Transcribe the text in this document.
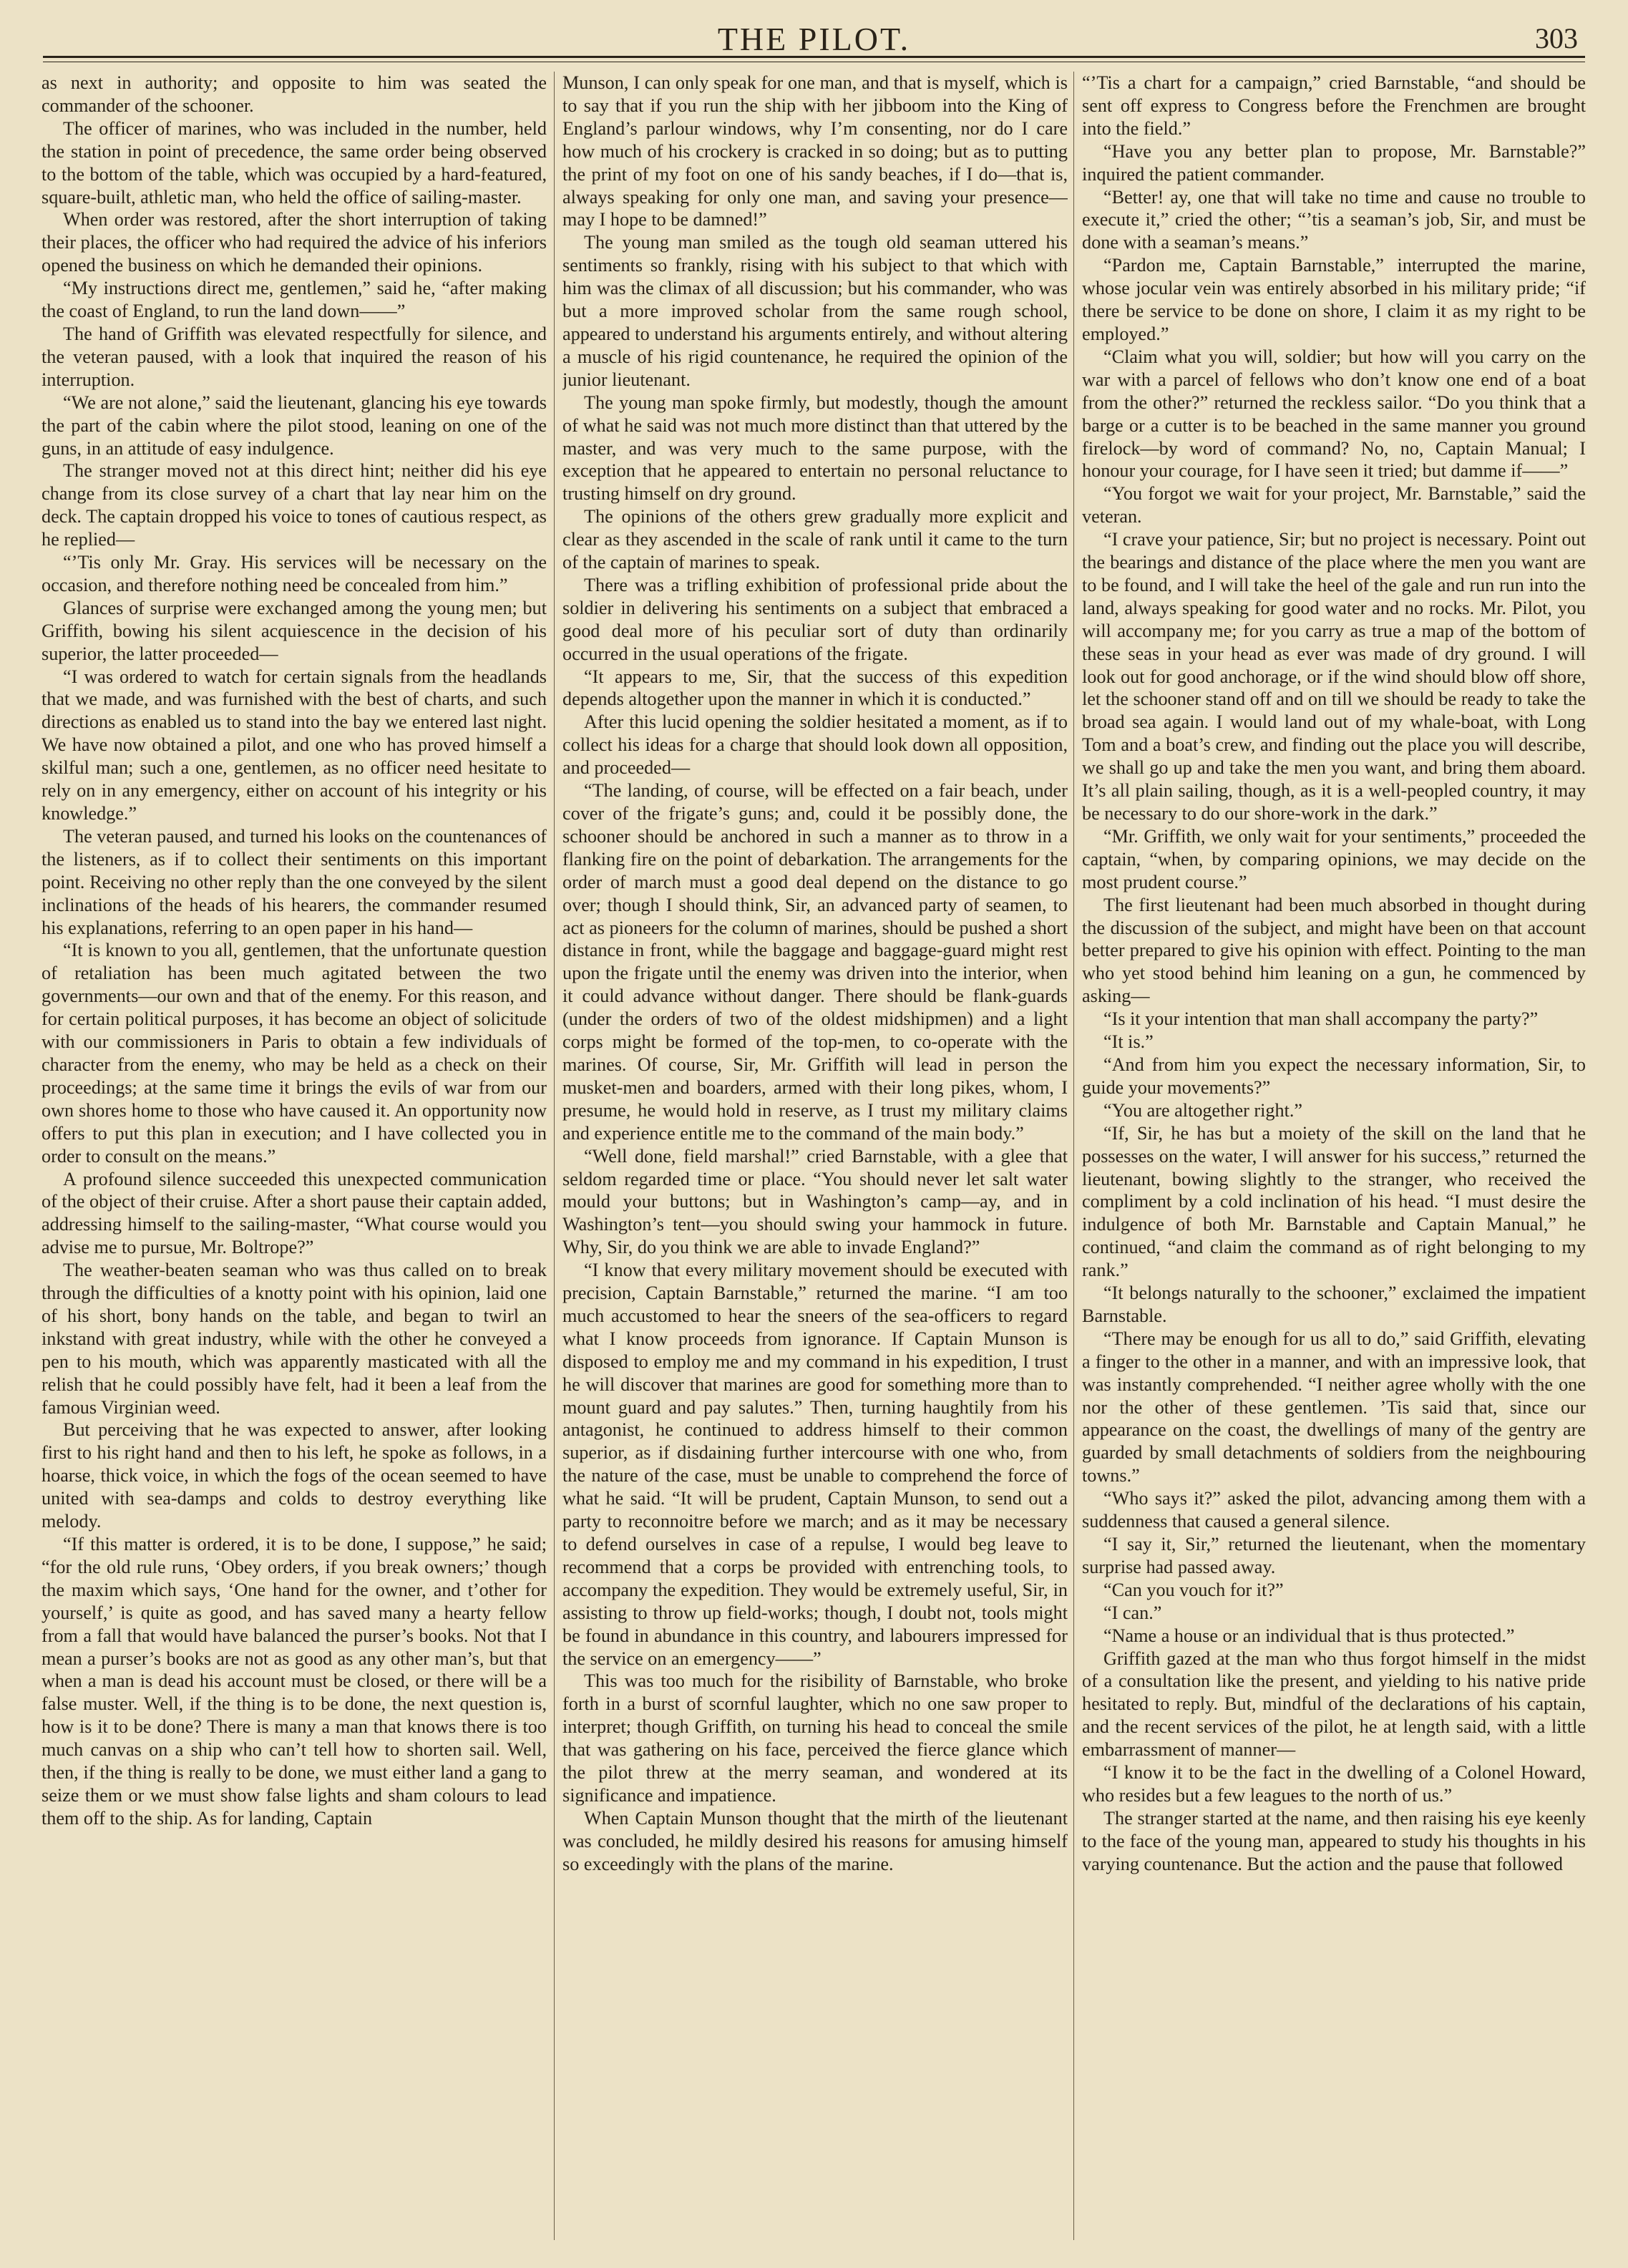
THE PILOT.	303

as next in authority; and opposite to him was seated the commander of the schooner.

The officer of marines, who was included in the number, held the station in point of precedence, the same order being observed to the bottom of the table, which was occupied by a hard-featured, square-built, athletic man, who held the office of sailing-master.

When order was restored, after the short interruption of taking their places, the officer who had required the advice of his inferiors opened the business on which he demanded their opinions.

“My instructions direct me, gentlemen,” said he, “after making the coast of England, to run the land down——”

The hand of Griffith was elevated respectfully for silence, and the veteran paused, with a look that inquired the reason of his interruption.

“We are not alone,” said the lieutenant, glancing his eye towards the part of the cabin where the pilot stood, leaning on one of the guns, in an attitude of easy indulgence.

The stranger moved not at this direct hint; neither did his eye change from its close survey of a chart that lay near him on the deck. The captain dropped his voice to tones of cautious respect, as he replied—

“’Tis only Mr. Gray. His services will be necessary on the occasion, and therefore nothing need be concealed from him.”

Glances of surprise were exchanged among the young men; but Griffith, bowing his silent acquiescence in the decision of his superior, the latter proceeded—

“I was ordered to watch for certain signals from the headlands that we made, and was furnished with the best of charts, and such directions as enabled us to stand into the bay we entered last night. We have now obtained a pilot, and one who has proved himself a skilful man; such a one, gentlemen, as no officer need hesitate to rely on in any emergency, either on account of his integrity or his knowledge.”

The veteran paused, and turned his looks on the countenances of the listeners, as if to collect their sentiments on this important point. Receiving no other reply than the one conveyed by the silent inclinations of the heads of his hearers, the commander resumed his explanations, referring to an open paper in his hand—

“It is known to you all, gentlemen, that the unfortunate question of retaliation has been much agitated between the two governments—our own and that of the enemy. For this reason, and for certain political purposes, it has become an object of solicitude with our commissioners in Paris to obtain a few individuals of character from the enemy, who may be held as a check on their proceedings; at the same time it brings the evils of war from our own shores home to those who have caused it. An opportunity now offers to put this plan in execution; and I have collected you in order to consult on the means.”

A profound silence succeeded this unexpected communication of the object of their cruise. After a short pause their captain added, addressing himself to the sailing-master, “What course would you advise me to pursue, Mr. Boltrope?”

The weather-beaten seaman who was thus called on to break through the difficulties of a knotty point with his opinion, laid one of his short, bony hands on the table, and began to twirl an inkstand with great industry, while with the other he conveyed a pen to his mouth, which was apparently masticated with all the relish that he could possibly have felt, had it been a leaf from the famous Virginian weed.

But perceiving that he was expected to answer, after looking first to his right hand and then to his left, he spoke as follows, in a hoarse, thick voice, in which the fogs of the ocean seemed to have united with sea-damps and colds to destroy everything like melody.

“If this matter is ordered, it is to be done, I suppose,” he said; “for the old rule runs, ‘Obey orders, if you break owners;’ though the maxim which says, ‘One hand for the owner, and t’other for yourself,’ is quite as good, and has saved many a hearty fellow from a fall that would have balanced the purser’s books. Not that I mean a purser’s books are not as good as any other man’s, but that when a man is dead his account must be closed, or there will be a false muster. Well, if the thing is to be done, the next question is, how is it to be done? There is many a man that knows there is too much canvas on a ship who can’t tell how to shorten sail. Well, then, if the thing is really to be done, we must either land a gang to seize them or we must show false lights and sham colours to lead them off to the ship. As for landing, Captain

Munson, I can only speak for one man, and that is myself, which is to say that if you run the ship with her jibboom into the King of England’s parlour windows, why I’m consenting, nor do I care how much of his crockery is cracked in so doing; but as to putting the print of my foot on one of his sandy beaches, if I do—that is, always speaking for only one man, and saving your presence—may I hope to be damned!”

The young man smiled as the tough old seaman uttered his sentiments so frankly, rising with his subject to that which with him was the climax of all discussion; but his commander, who was but a more improved scholar from the same rough school, appeared to understand his arguments entirely, and without altering a muscle of his rigid countenance, he required the opinion of the junior lieutenant.

The young man spoke firmly, but modestly, though the amount of what he said was not much more distinct than that uttered by the master, and was very much to the same purpose, with the exception that he appeared to entertain no personal reluctance to trusting himself on dry ground.

The opinions of the others grew gradually more explicit and clear as they ascended in the scale of rank until it came to the turn of the captain of marines to speak.

There was a trifling exhibition of professional pride about the soldier in delivering his sentiments on a subject that embraced a good deal more of his peculiar sort of duty than ordinarily occurred in the usual operations of the frigate.

“It appears to me, Sir, that the success of this expedition depends altogether upon the manner in which it is conducted.”

After this lucid opening the soldier hesitated a moment, as if to collect his ideas for a charge that should look down all opposition, and proceeded—

“The landing, of course, will be effected on a fair beach, under cover of the frigate’s guns; and, could it be possibly done, the schooner should be anchored in such a manner as to throw in a flanking fire on the point of debarkation. The arrangements for the order of march must a good deal depend on the distance to go over; though I should think, Sir, an advanced party of seamen, to act as pioneers for the column of marines, should be pushed a short distance in front, while the baggage and baggage-guard might rest upon the frigate until the enemy was driven into the interior, when it could advance without danger. There should be flank-guards (under the orders of two of the oldest midshipmen) and a light corps might be formed of the top-men, to co-operate with the marines. Of course, Sir, Mr. Griffith will lead in person the musket-men and boarders, armed with their long pikes, whom, I presume, he would hold in reserve, as I trust my military claims and experience entitle me to the command of the main body.”

“Well done, field marshal!” cried Barnstable, with a glee that seldom regarded time or place. “You should never let salt water mould your buttons; but in Washington’s camp—ay, and in Washington’s tent—you should swing your hammock in future. Why, Sir, do you think we are able to invade England?”

“I know that every military movement should be executed with precision, Captain Barnstable,” returned the marine. “I am too much accustomed to hear the sneers of the sea-officers to regard what I know proceeds from ignorance. If Captain Munson is disposed to employ me and my command in his expedition, I trust he will discover that marines are good for something more than to mount guard and pay salutes.” Then, turning haughtily from his antagonist, he continued to address himself to their common superior, as if disdaining further intercourse with one who, from the nature of the case, must be unable to comprehend the force of what he said. “It will be prudent, Captain Munson, to send out a party to reconnoitre before we march; and as it may be necessary to defend ourselves in case of a repulse, I would beg leave to recommend that a corps be provided with entrenching tools, to accompany the expedition. They would be extremely useful, Sir, in assisting to throw up field-works; though, I doubt not, tools might be found in abundance in this country, and labourers impressed for the service on an emergency——”

This was too much for the risibility of Barnstable, who broke forth in a burst of scornful laughter, which no one saw proper to interpret; though Griffith, on turning his head to conceal the smile that was gathering on his face, perceived the fierce glance which the pilot threw at the merry seaman, and wondered at its significance and impatience.

When Captain Munson thought that the mirth of the lieutenant was concluded, he mildly desired his reasons for amusing himself so exceedingly with the plans of the marine.

“’Tis a chart for a campaign,” cried Barnstable, “and should be sent off express to Congress before the Frenchmen are brought into the field.”

“Have you any better plan to propose, Mr. Barnstable?” inquired the patient commander.

“Better! ay, one that will take no time and cause no trouble to execute it,” cried the other; “’tis a seaman’s job, Sir, and must be done with a seaman’s means.”

“Pardon me, Captain Barnstable,” interrupted the marine, whose jocular vein was entirely absorbed in his military pride; “if there be service to be done on shore, I claim it as my right to be employed.”

“Claim what you will, soldier; but how will you carry on the war with a parcel of fellows who don’t know one end of a boat from the other?” returned the reckless sailor. “Do you think that a barge or a cutter is to be beached in the same manner you ground firelock—by word of command? No, no, Captain Manual; I honour your courage, for I have seen it tried; but damme if——”

“You forgot we wait for your project, Mr. Barnstable,” said the veteran.

“I crave your patience, Sir; but no project is necessary. Point out the bearings and distance of the place where the men you want are to be found, and I will take the heel of the gale and run run into the land, always speaking for good water and no rocks. Mr. Pilot, you will accompany me; for you carry as true a map of the bottom of these seas in your head as ever was made of dry ground. I will look out for good anchorage, or if the wind should blow off shore, let the schooner stand off and on till we should be ready to take the broad sea again. I would land out of my whale-boat, with Long Tom and a boat’s crew, and finding out the place you will describe, we shall go up and take the men you want, and bring them aboard. It’s all plain sailing, though, as it is a well-peopled country, it may be necessary to do our shore-work in the dark.”

“Mr. Griffith, we only wait for your sentiments,” proceeded the captain, “when, by comparing opinions, we may decide on the most prudent course.”

The first lieutenant had been much absorbed in thought during the discussion of the subject, and might have been on that account better prepared to give his opinion with effect. Pointing to the man who yet stood behind him leaning on a gun, he commenced by asking—

“Is it your intention that man shall accompany the party?”

“It is.”

“And from him you expect the necessary information, Sir, to guide your movements?”

“You are altogether right.”

“If, Sir, he has but a moiety of the skill on the land that he possesses on the water, I will answer for his success,” returned the lieutenant, bowing slightly to the stranger, who received the compliment by a cold inclination of his head. “I must desire the indulgence of both Mr. Barnstable and Captain Manual,” he continued, “and claim the command as of right belonging to my rank.”

“It belongs naturally to the schooner,” exclaimed the impatient Barnstable.

“There may be enough for us all to do,” said Griffith, elevating a finger to the other in a manner, and with an impressive look, that was instantly comprehended. “I neither agree wholly with the one nor the other of these gentlemen. ’Tis said that, since our appearance on the coast, the dwellings of many of the gentry are guarded by small detachments of soldiers from the neighbouring towns.”

“Who says it?” asked the pilot, advancing among them with a suddenness that caused a general silence.

“I say it, Sir,” returned the lieutenant, when the momentary surprise had passed away.

“Can you vouch for it?”

“I can.”

“Name a house or an individual that is thus protected.”

Griffith gazed at the man who thus forgot himself in the midst of a consultation like the present, and yielding to his native pride hesitated to reply. But, mindful of the declarations of his captain, and the recent services of the pilot, he at length said, with a little embarrassment of manner—

“I know it to be the fact in the dwelling of a Colonel Howard, who resides but a few leagues to the north of us.”

The stranger started at the name, and then raising his eye keenly to the face of the young man, appeared to study his thoughts in his varying countenance. But the action and the pause that followed
